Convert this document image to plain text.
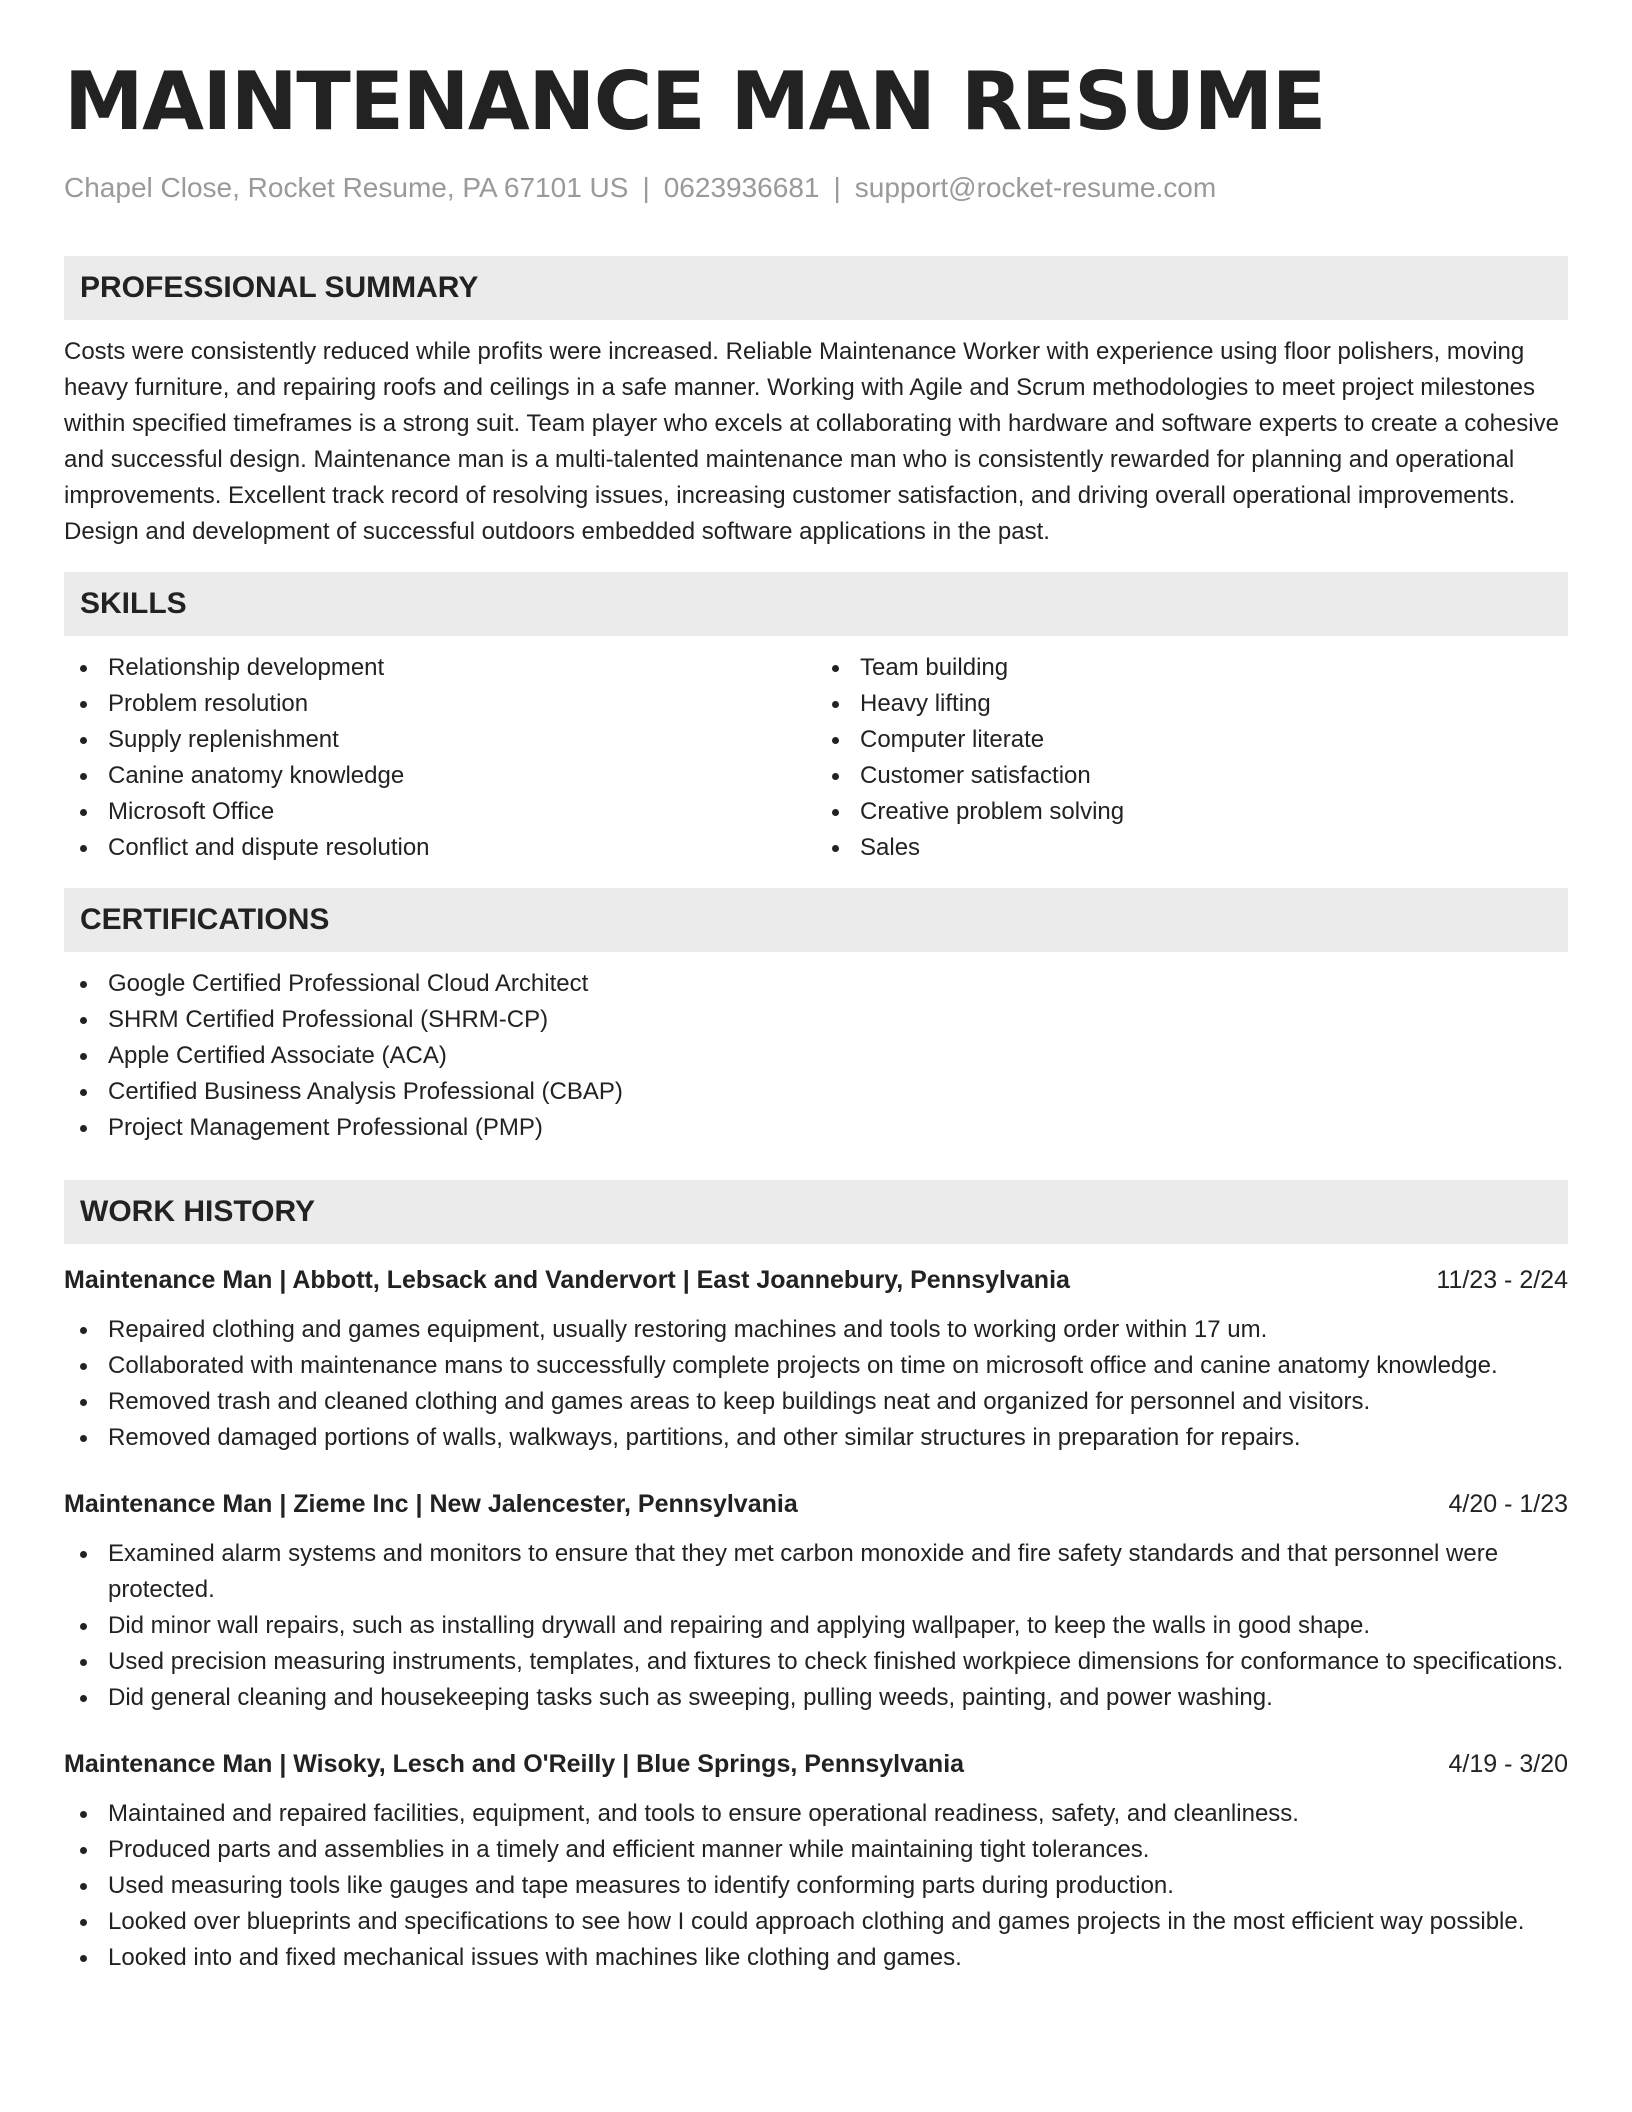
MAINTENANCE MAN RESUME
Chapel Close, Rocket Resume, PA 67101 US | 0623936681 | support@rocket-resume.com
PROFESSIONAL SUMMARY

Costs were consistently reduced while profits were increased. Reliable Maintenance Worker with experience using floor polishers, moving heavy furniture, and repairing roofs and ceilings in a safe manner. Working with Agile and Scrum methodologies to meet project milestones within specified timeframes is a strong suit. Team player who excels at collaborating with hardware and software experts to create a cohesive and successful design. Maintenance man is a multi-talented maintenance man who is consistently rewarded for planning and operational improvements. Excellent track record of resolving issues, increasing customer satisfaction, and driving overall operational improvements. Design and development of successful outdoors embedded software applications in the past.

SKILLS
Relationship development
Problem resolution
Supply replenishment
Canine anatomy knowledge
Microsoft Office
Conflict and dispute resolution
Team building
Heavy lifting
Computer literate
Customer satisfaction
Creative problem solving
Sales
CERTIFICATIONS
Google Certified Professional Cloud Architect
SHRM Certified Professional (SHRM-CP)
Apple Certified Associate (ACA)
Certified Business Analysis Professional (CBAP)
Project Management Professional (PMP)
WORK HISTORY
Maintenance Man | Abbott, Lebsack and Vandervort | East Joannebury, Pennsylvania	11/23 - 2/24
Repaired clothing and games equipment, usually restoring machines and tools to working order within 17 um.
Collaborated with maintenance mans to successfully complete projects on time on microsoft office and canine anatomy knowledge.
Removed trash and cleaned clothing and games areas to keep buildings neat and organized for personnel and visitors.
Removed damaged portions of walls, walkways, partitions, and other similar structures in preparation for repairs.
Maintenance Man | Zieme Inc | New Jalencester, Pennsylvania	4/20 - 1/23
Examined alarm systems and monitors to ensure that they met carbon monoxide and fire safety standards and that personnel were protected.
Did minor wall repairs, such as installing drywall and repairing and applying wallpaper, to keep the walls in good shape.
Used precision measuring instruments, templates, and fixtures to check finished workpiece dimensions for conformance to specifications.
Did general cleaning and housekeeping tasks such as sweeping, pulling weeds, painting, and power washing.
Maintenance Man | Wisoky, Lesch and O'Reilly | Blue Springs, Pennsylvania	4/19 - 3/20
Maintained and repaired facilities, equipment, and tools to ensure operational readiness, safety, and cleanliness.
Produced parts and assemblies in a timely and efficient manner while maintaining tight tolerances.
Used measuring tools like gauges and tape measures to identify conforming parts during production.
Looked over blueprints and specifications to see how I could approach clothing and games projects in the most efficient way possible.
Looked into and fixed mechanical issues with machines like clothing and games.
